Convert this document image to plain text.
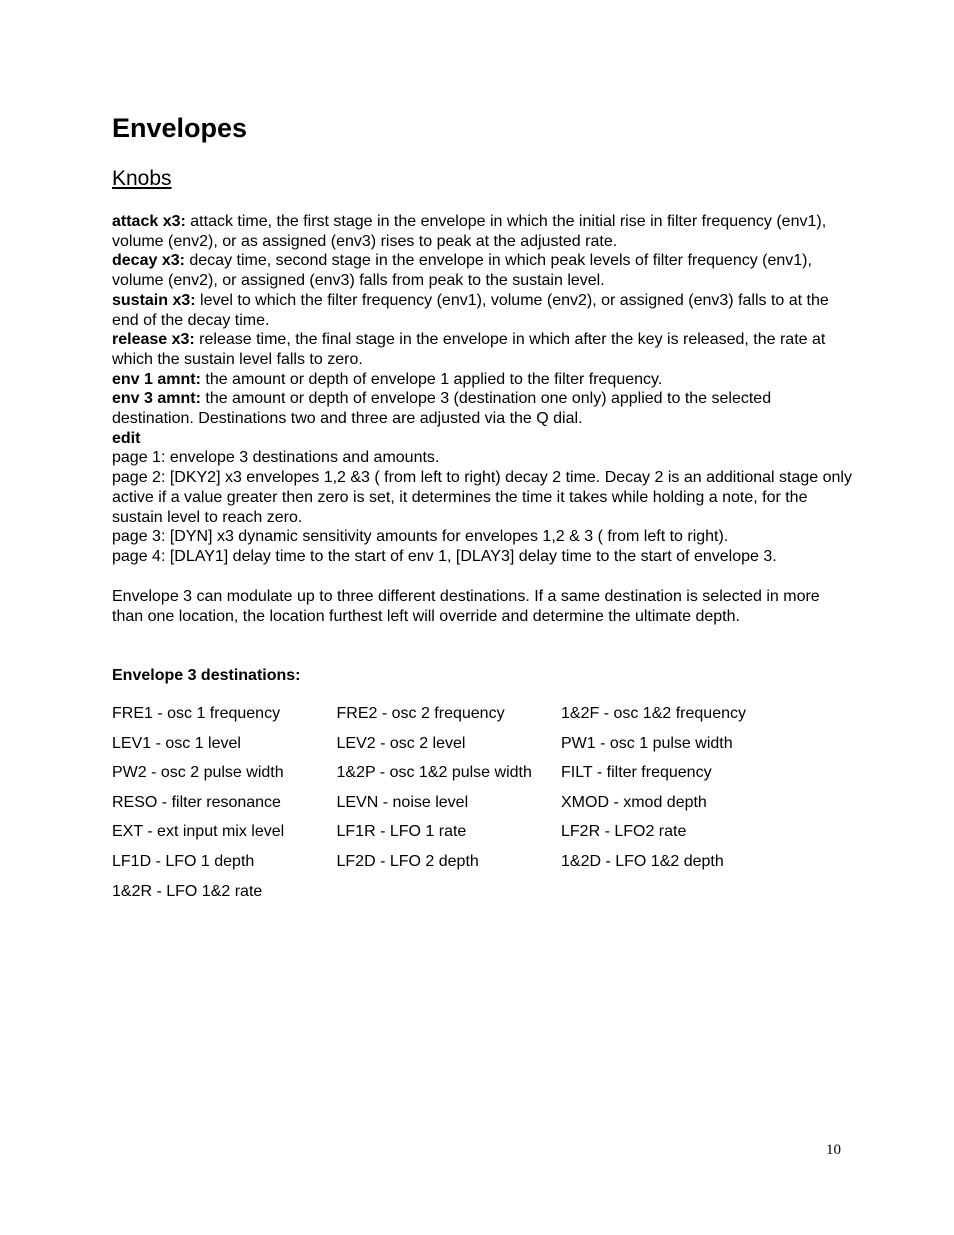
Envelopes
Knobs

attack x3: attack time, the first stage in the envelope in which the initial rise in filter frequency (env1), volume (env2), or as assigned (env3) rises to peak at the adjusted rate.

decay x3: decay time, second stage in the envelope in which peak levels of filter frequency (env1), volume (env2), or assigned (env3) falls from peak to the sustain level.

sustain x3: level to which the filter frequency (env1), volume (env2), or assigned (env3) falls to at the end of the decay time.

release x3: release time, the final stage in the envelope in which after the key is released, the rate at which the sustain level falls to zero.

env 1 amnt: the amount or depth of envelope 1 applied to the filter frequency.

env 3 amnt: the amount or depth of envelope 3 (destination one only) applied to the selected destination. Destinations two and three are adjusted via the Q dial.

edit

page 1: envelope 3 destinations and amounts.

page 2: [DKY2] x3 envelopes 1,2 &3 ( from left to right) decay 2 time. Decay 2 is an additional stage only active if a value greater then zero is set, it determines the time it takes while holding a note, for the sustain level to reach zero.

page 3: [DYN] x3 dynamic sensitivity amounts for envelopes 1,2 & 3 ( from left to right).

page 4: [DLAY1] delay time to the start of env 1, [DLAY3] delay time to the start of envelope 3.

Envelope 3 can modulate up to three different destinations. If a same destination is selected in more than one location, the location furthest left will override and determine the ultimate depth.

Envelope 3 destinations:

FRE1 - osc 1 frequency	FRE2 - osc 2 frequency	1&2F - osc 1&2 frequency
LEV1 - osc 1 level	LEV2 - osc 2 level	PW1 - osc 1 pulse width
PW2 - osc 2 pulse width	1&2P - osc 1&2 pulse width	FILT - filter frequency
RESO - filter resonance	LEVN - noise level	XMOD - xmod depth
EXT - ext input mix level	LF1R - LFO 1 rate	LF2R - LFO2 rate
LF1D - LFO 1 depth	LF2D - LFO 2 depth	1&2D - LFO 1&2 depth
1&2R - LFO 1&2 rate
10
